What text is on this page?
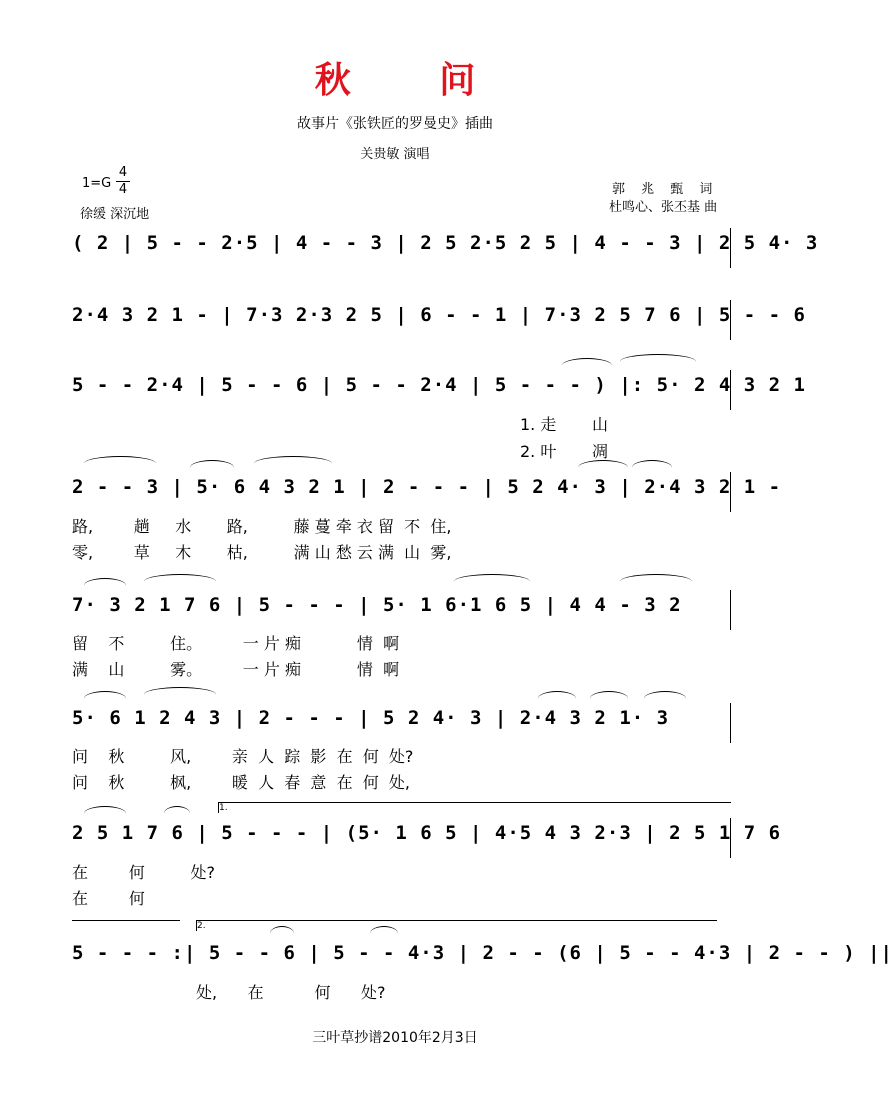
秋 问
故事片《张铁匠的罗曼史》插曲
关贵敏 演唱
1=G
4
4
徐缓 深沉地
郭 兆 甄 词
杜鸣心、张丕基 曲
( 2 | 5 - - 2·5 | 4 - - 3 | 2 5 2·5 2 5 | 4 - - 3 | 2 5 4· 3
2·4 3 2 1 - | 7·3 2·3 2 5 | 6 - - 1 | 7·3 2 5 7 6 | 5 - - 6
5 - - 2·4 | 5 - - 6 | 5 - - 2·4 | 5 - - - ) |: 5· 2 4 3 2 1
1. 走       山
2. 叶       凋
2 - - 3 | 5· 6 4 3 2 1 | 2 - - - | 5 2 4· 3 | 2·4 3 2 1 -
路,        趟     水       路,         藤 蔓 牵 衣 留  不  住,
零,        草     木       枯,         满 山 愁 云 满  山  雾,
7· 3 2 1 7 6 | 5 - - - | 5· 1 6·1 6 5 | 4 4 - 3 2
留    不         住。        一 片 痴           情  啊
满    山         雾。        一 片 痴           情  啊
5· 6 1 2 4 3 | 2 - - - | 5 2 4· 3 | 2·4 3 2 1· 3
问    秋         风,        亲  人  踪  影  在  何  处?
问    秋         枫,        暖  人  春  意  在  何  处,
1.
2 5 1 7 6 | 5 - - - | (5· 1 6 5 | 4·5 4 3 2·3 | 2 5 1 7 6
在        何         处?
在        何
2.
5 - - - :| 5 - - 6 | 5 - - 4·3 | 2 - - (6 | 5 - - 4·3 | 2 - - ) ||
处,      在          何      处?
三叶草抄谱2010年2月3日
